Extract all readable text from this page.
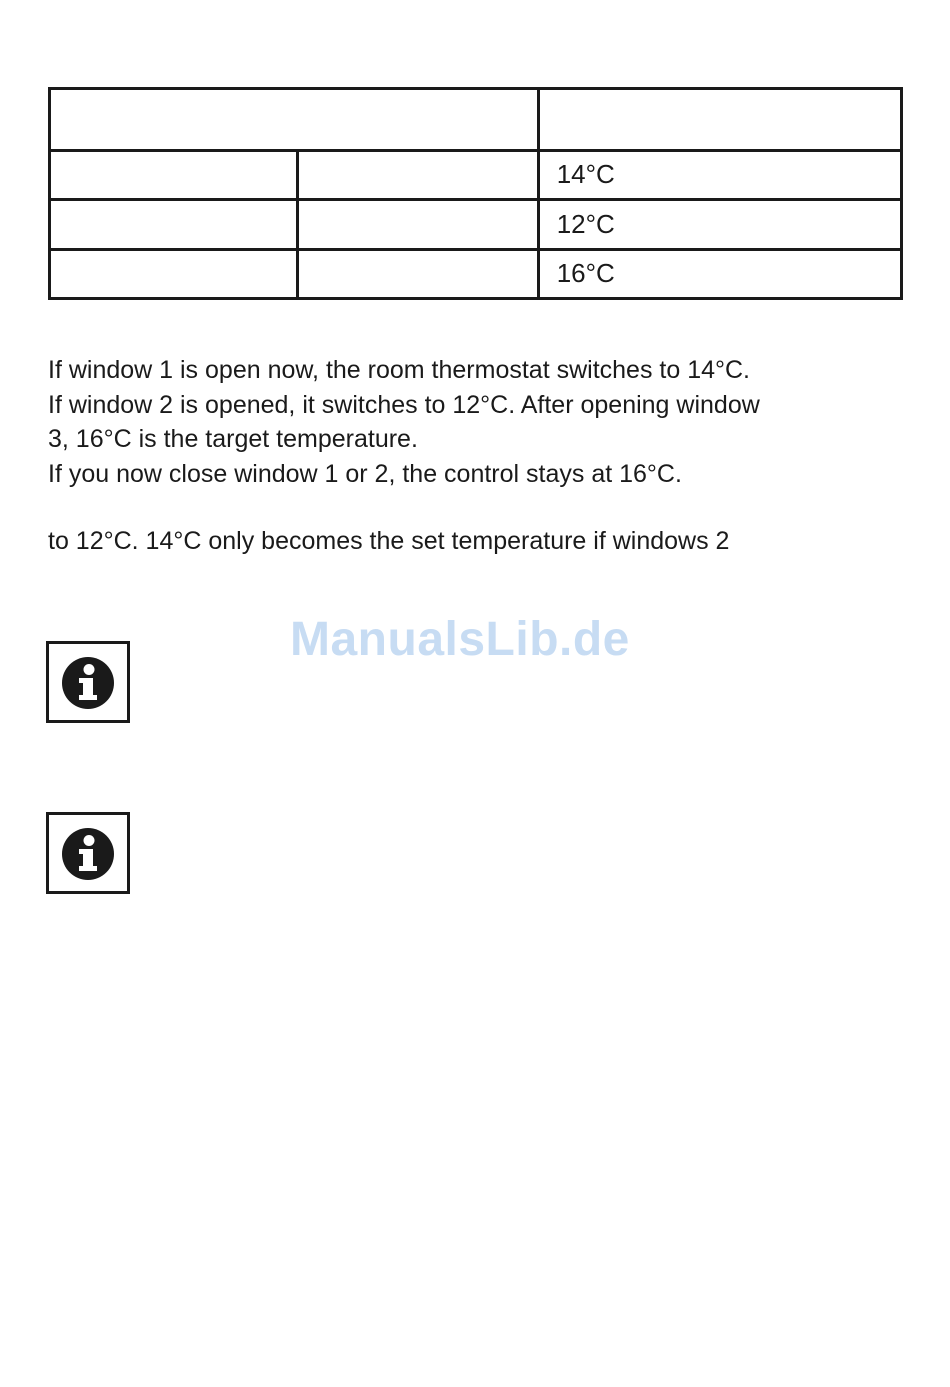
		14°C
		12°C
		16°C

If window 1 is open now, the room thermostat switches to 14°C.
If window 2 is opened, it switches to 12°C. After opening window
3, 16°C is the target temperature.
If you now close window 1 or 2, the control stays at 16°C.

to 12°C. 14°C only becomes the set temperature if windows 2

ManualsLib.de
